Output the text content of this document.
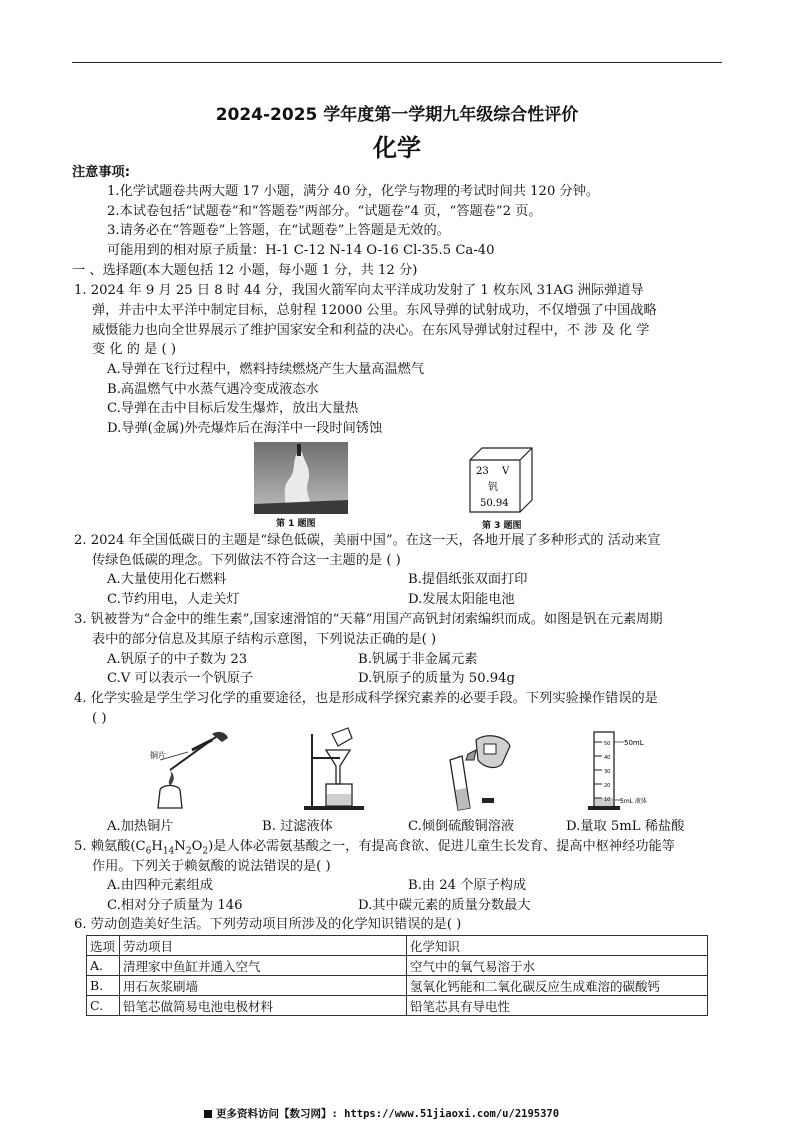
2024-2025 学年度第一学期九年级综合性评价
化学
注意事项:
1.化学试题卷共两大题 17 小题，满分 40 分，化学与物理的考试时间共 120 分钟。
2.本试卷包括“试题卷”和“答题卷”两部分。“试题卷”4 页，“答题卷”2 页。
3.请务必在“答题卷”上答题，在“试题卷”上答题是无效的。
可能用到的相对原子质量：H-1 C-12 N-14 O-16 Cl-35.5 Ca-40
一 、选择题(本大题包括 12 小题，每小题 1 分，共 12 分)
1. 2024 年 9 月 25 日 8 时 44 分，我国火箭军向太平洋成功发射了 1 枚东风 31AG 洲际弹道导
弹，并击中太平洋中制定目标，总射程 12000 公里。东风导弹的试射成功，不仅增强了中国战略
威慑能力也向全世界展示了维护国家安全和利益的决心。在东风导弹试射过程中，不 涉 及 化 学
变 化 的 是 ( )
A.导弹在飞行过程中，燃料持续燃烧产生大量高温燃气
B.高温燃气中水蒸气遇冷变成液态水
C.导弹在击中目标后发生爆炸，放出大量热
D.导弹(金属)外壳爆炸后在海洋中一段时间锈蚀
第 1 题图
23 V
钒
50.94
第 3 题图
2. 2024 年全国低碳日的主题是“绿色低碳，美丽中国”。在这一天，各地开展了多种形式的 活动来宣
传绿色低碳的理念。下列做法不符合这一主题的是 ( )
A.大量使用化石燃料	B.提倡纸张双面打印
C.节约用电，人走关灯	D.发展太阳能电池
3. 钒被誉为“合金中的维生素”,国家速滑馆的“天幕”用国产高钒封闭索编织而成。如图是钒在元素周期
表中的部分信息及其原子结构示意图，下列说法正确的是( )
A.钒原子的中子数为 23	B.钒属于非金属元素
C.V 可以表示一个钒原子	D.钒原子的质量为 50.94g
4. 化学实验是学生学习化学的重要途径，也是形成科学探究素养的必要手段。下列实验操作错误的是
( )
铜片
50
40
30
20
10
50mL
5mL 液体
A.加热铜片	B. 过滤液体	C.倾倒硫酸铜溶液	D.量取 5mL 稀盐酸
5. 赖氨酸$(C_6H_{14}N_2O_2)$是人体必需氨基酸之一，有提高食欲、促进儿童生长发育、提高中枢神经功能等
作用。下列关于赖氨酸的说法错误的是( )
A.由四种元素组成	B.由 24 个原子构成
C.相对分子质量为 146	D.其中碳元素的质量分数最大
6. 劳动创造美好生活。下列劳动项目所涉及的化学知识错误的是( )
选项	劳动项目	化学知识
A.	清理家中鱼缸并通入空气	空气中的氧气易溶于水
B.	用石灰浆刷墙	氢氧化钙能和二氧化碳反应生成难溶的碳酸钙
C.	铅笔芯做简易电池电极材料	铅笔芯具有导电性
更多资料访问【数习网】: https://www.51jiaoxi.com/u/2195370
